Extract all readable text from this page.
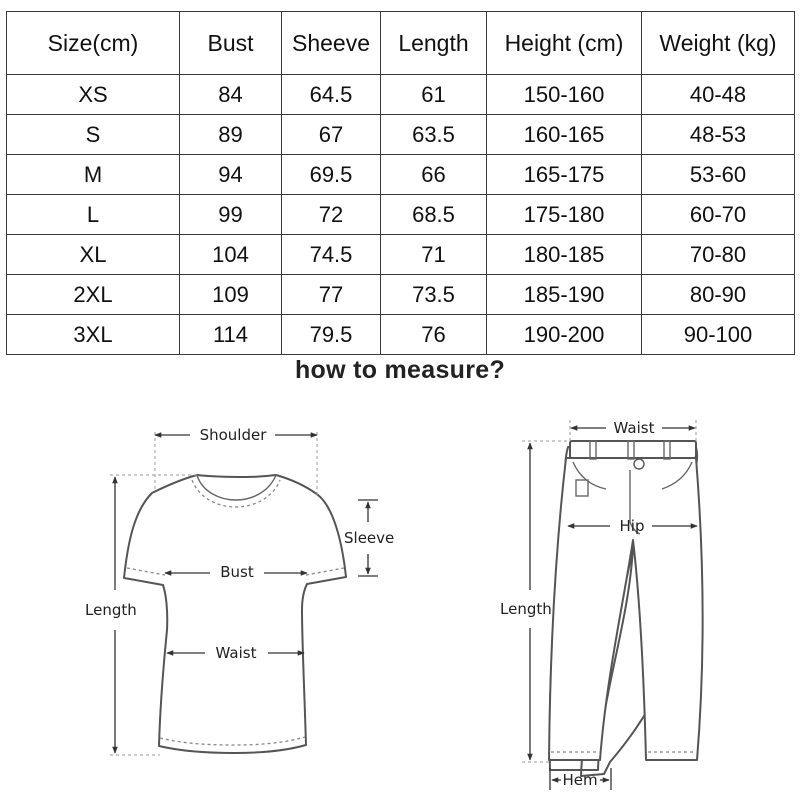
Size(cm)	Bust	Sheeve	Length	Height (cm)	Weight (kg)
XS	84	64.5	61	150-160	40-48
S	89	67	63.5	160-165	48-53
M	94	69.5	66	165-175	53-60
L	99	72	68.5	175-180	60-70
XL	104	74.5	71	180-185	70-80
2XL	109	77	73.5	185-190	80-90
3XL	114	79.5	76	190-200	90-100
how to measure?
Shoulder
Sleeve
Bust
Waist
Length
Waist
Hip
Length
Hem
